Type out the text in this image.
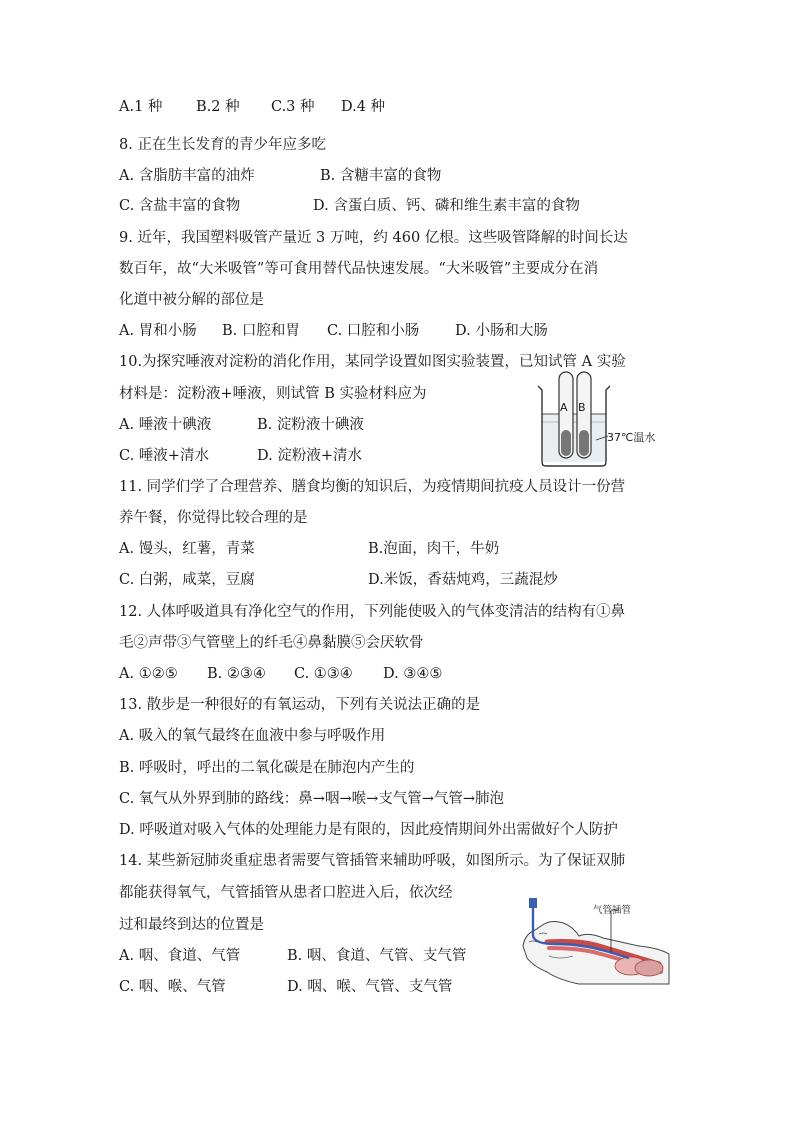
A.1 种 B.2 种 C.3 种 D.4 种
8. 正在生长发育的青少年应多吃
A. 含脂肪丰富的油炸	B. 含糖丰富的食物
C. 含盐丰富的食物	D. 含蛋白质、钙、磷和维生素丰富的食物
9. 近年，我国塑料吸管产量近 3 万吨，约 460 亿根。这些吸管降解的时间长达
数百年，故“大米吸管”等可食用替代品快速发展。“大米吸管”主要成分在消
化道中被分解的部位是
A. 胃和小肠 B. 口腔和胃 C. 口腔和小肠 D. 小肠和大肠
10.为探究唾液对淀粉的消化作用，某同学设置如图实验装置，已知试管 A 实验
材料是：淀粉液+唾液，则试管 B 实验材料应为
A. 唾液十碘液	B. 淀粉液十碘液
C. 唾液+清水	D. 淀粉液+清水
A B
37℃温水
11. 同学们学了合理营养、膳食均衡的知识后，为疫情期间抗疫人员设计一份营
养午餐，你觉得比较合理的是
A. 馒头，红薯，青菜	B.泡面，肉干，牛奶
C. 白粥，咸菜，豆腐	D.米饭，香菇炖鸡，三蔬混炒
12. 人体呼吸道具有净化空气的作用，下列能使吸入的气体变清洁的结构有①鼻
毛②声带③气管壁上的纤毛④鼻黏膜⑤会厌软骨
A. ①②⑤ B. ②③④ C. ①③④ D. ③④⑤
13. 散步是一种很好的有氧运动，下列有关说法正确的是
A. 吸入的氧气最终在血液中参与呼吸作用
B. 呼吸时，呼出的二氧化碳是在肺泡内产生的
C. 氧气从外界到肺的路线：鼻→咽→喉→支气管→气管→肺泡
D. 呼吸道对吸入气体的处理能力是有限的，因此疫情期间外出需做好个人防护
14. 某些新冠肺炎重症患者需要气管插管来辅助呼吸，如图所示。为了保证双肺
都能获得氧气，气管插管从患者口腔进入后，依次经
过和最终到达的位置是
A. 咽、食道、气管	B. 咽、食道、气管、支气管
C. 咽、喉、气管	D. 咽、喉、气管、支气管
气管插管
